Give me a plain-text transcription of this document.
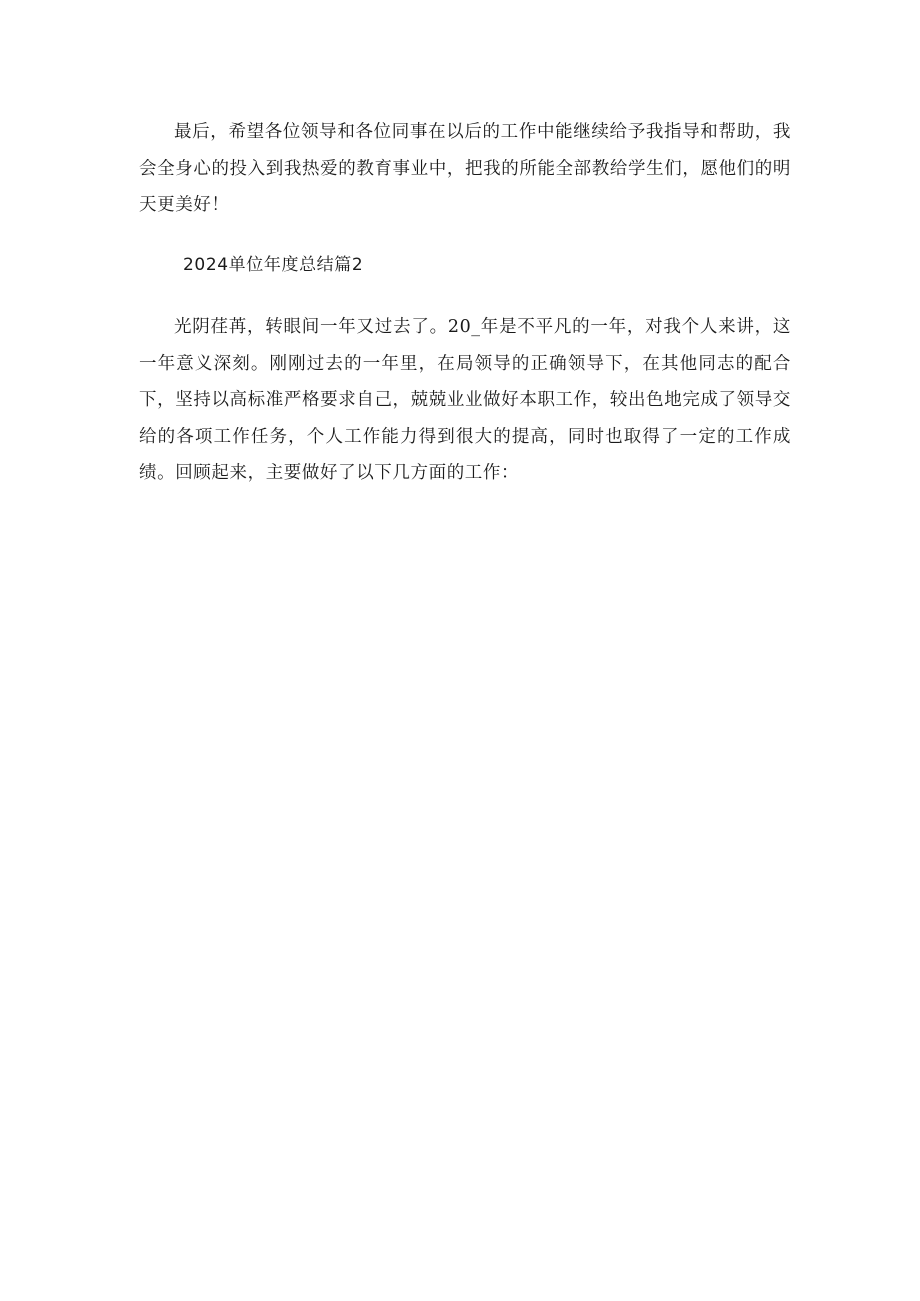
最后，希望各位领导和各位同事在以后的工作中能继续给予我指导和帮助，我会全身心的投入到我热爱的教育事业中，把我的所能全部教给学生们，愿他们的明天更美好！

2024单位年度总结篇2

光阴荏苒，转眼间一年又过去了。20_年是不平凡的一年，对我个人来讲，这一年意义深刻。刚刚过去的一年里，在局领导的正确领导下，在其他同志的配合下，坚持以高标准严格要求自己，兢兢业业做好本职工作，较出色地完成了领导交给的各项工作任务，个人工作能力得到很大的提高，同时也取得了一定的工作成绩。回顾起来，主要做好了以下几方面的工作：
